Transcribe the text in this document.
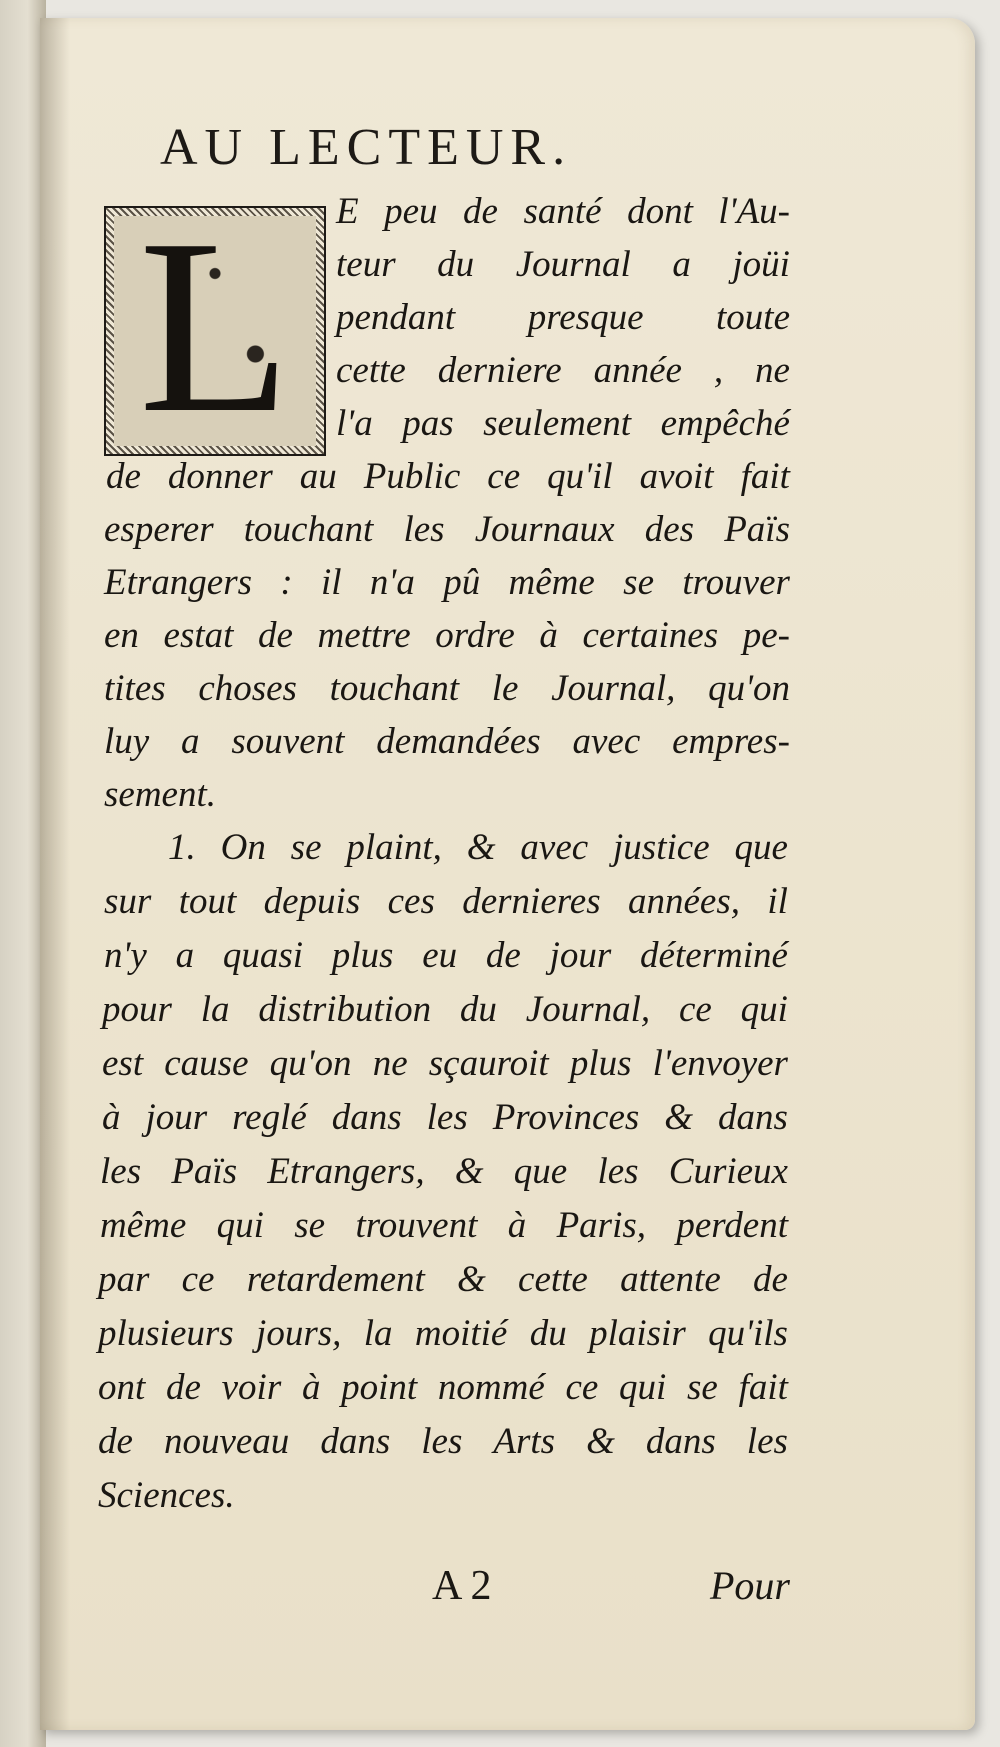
AU LECTEUR.
L	E peu de santé dont l'Au-
teur du Journal a joüi
pendant presque toute
cette derniere année , ne
l'a pas seulement empêché
de donner au Public ce qu'il avoit fait
esperer touchant les Journaux des Païs
Etrangers : il n'a pû même se trouver
en estat de mettre ordre à certaines pe-
tites choses touchant le Journal, qu'on
luy a souvent demandées avec empres-
sement.
1. On se plaint, & avec justice que
sur tout depuis ces dernieres années, il
n'y a quasi plus eu de jour déterminé
pour la distribution du Journal, ce qui
est cause qu'on ne sçauroit plus l'envoyer
à jour reglé dans les Provinces & dans
les Païs Etrangers, & que les Curieux
même qui se trouvent à Paris, perdent
par ce retardement & cette attente de
plusieurs jours, la moitié du plaisir qu'ils
ont de voir à point nommé ce qui se fait
de nouveau dans les Arts & dans les
Sciences.
A 2	Pour
